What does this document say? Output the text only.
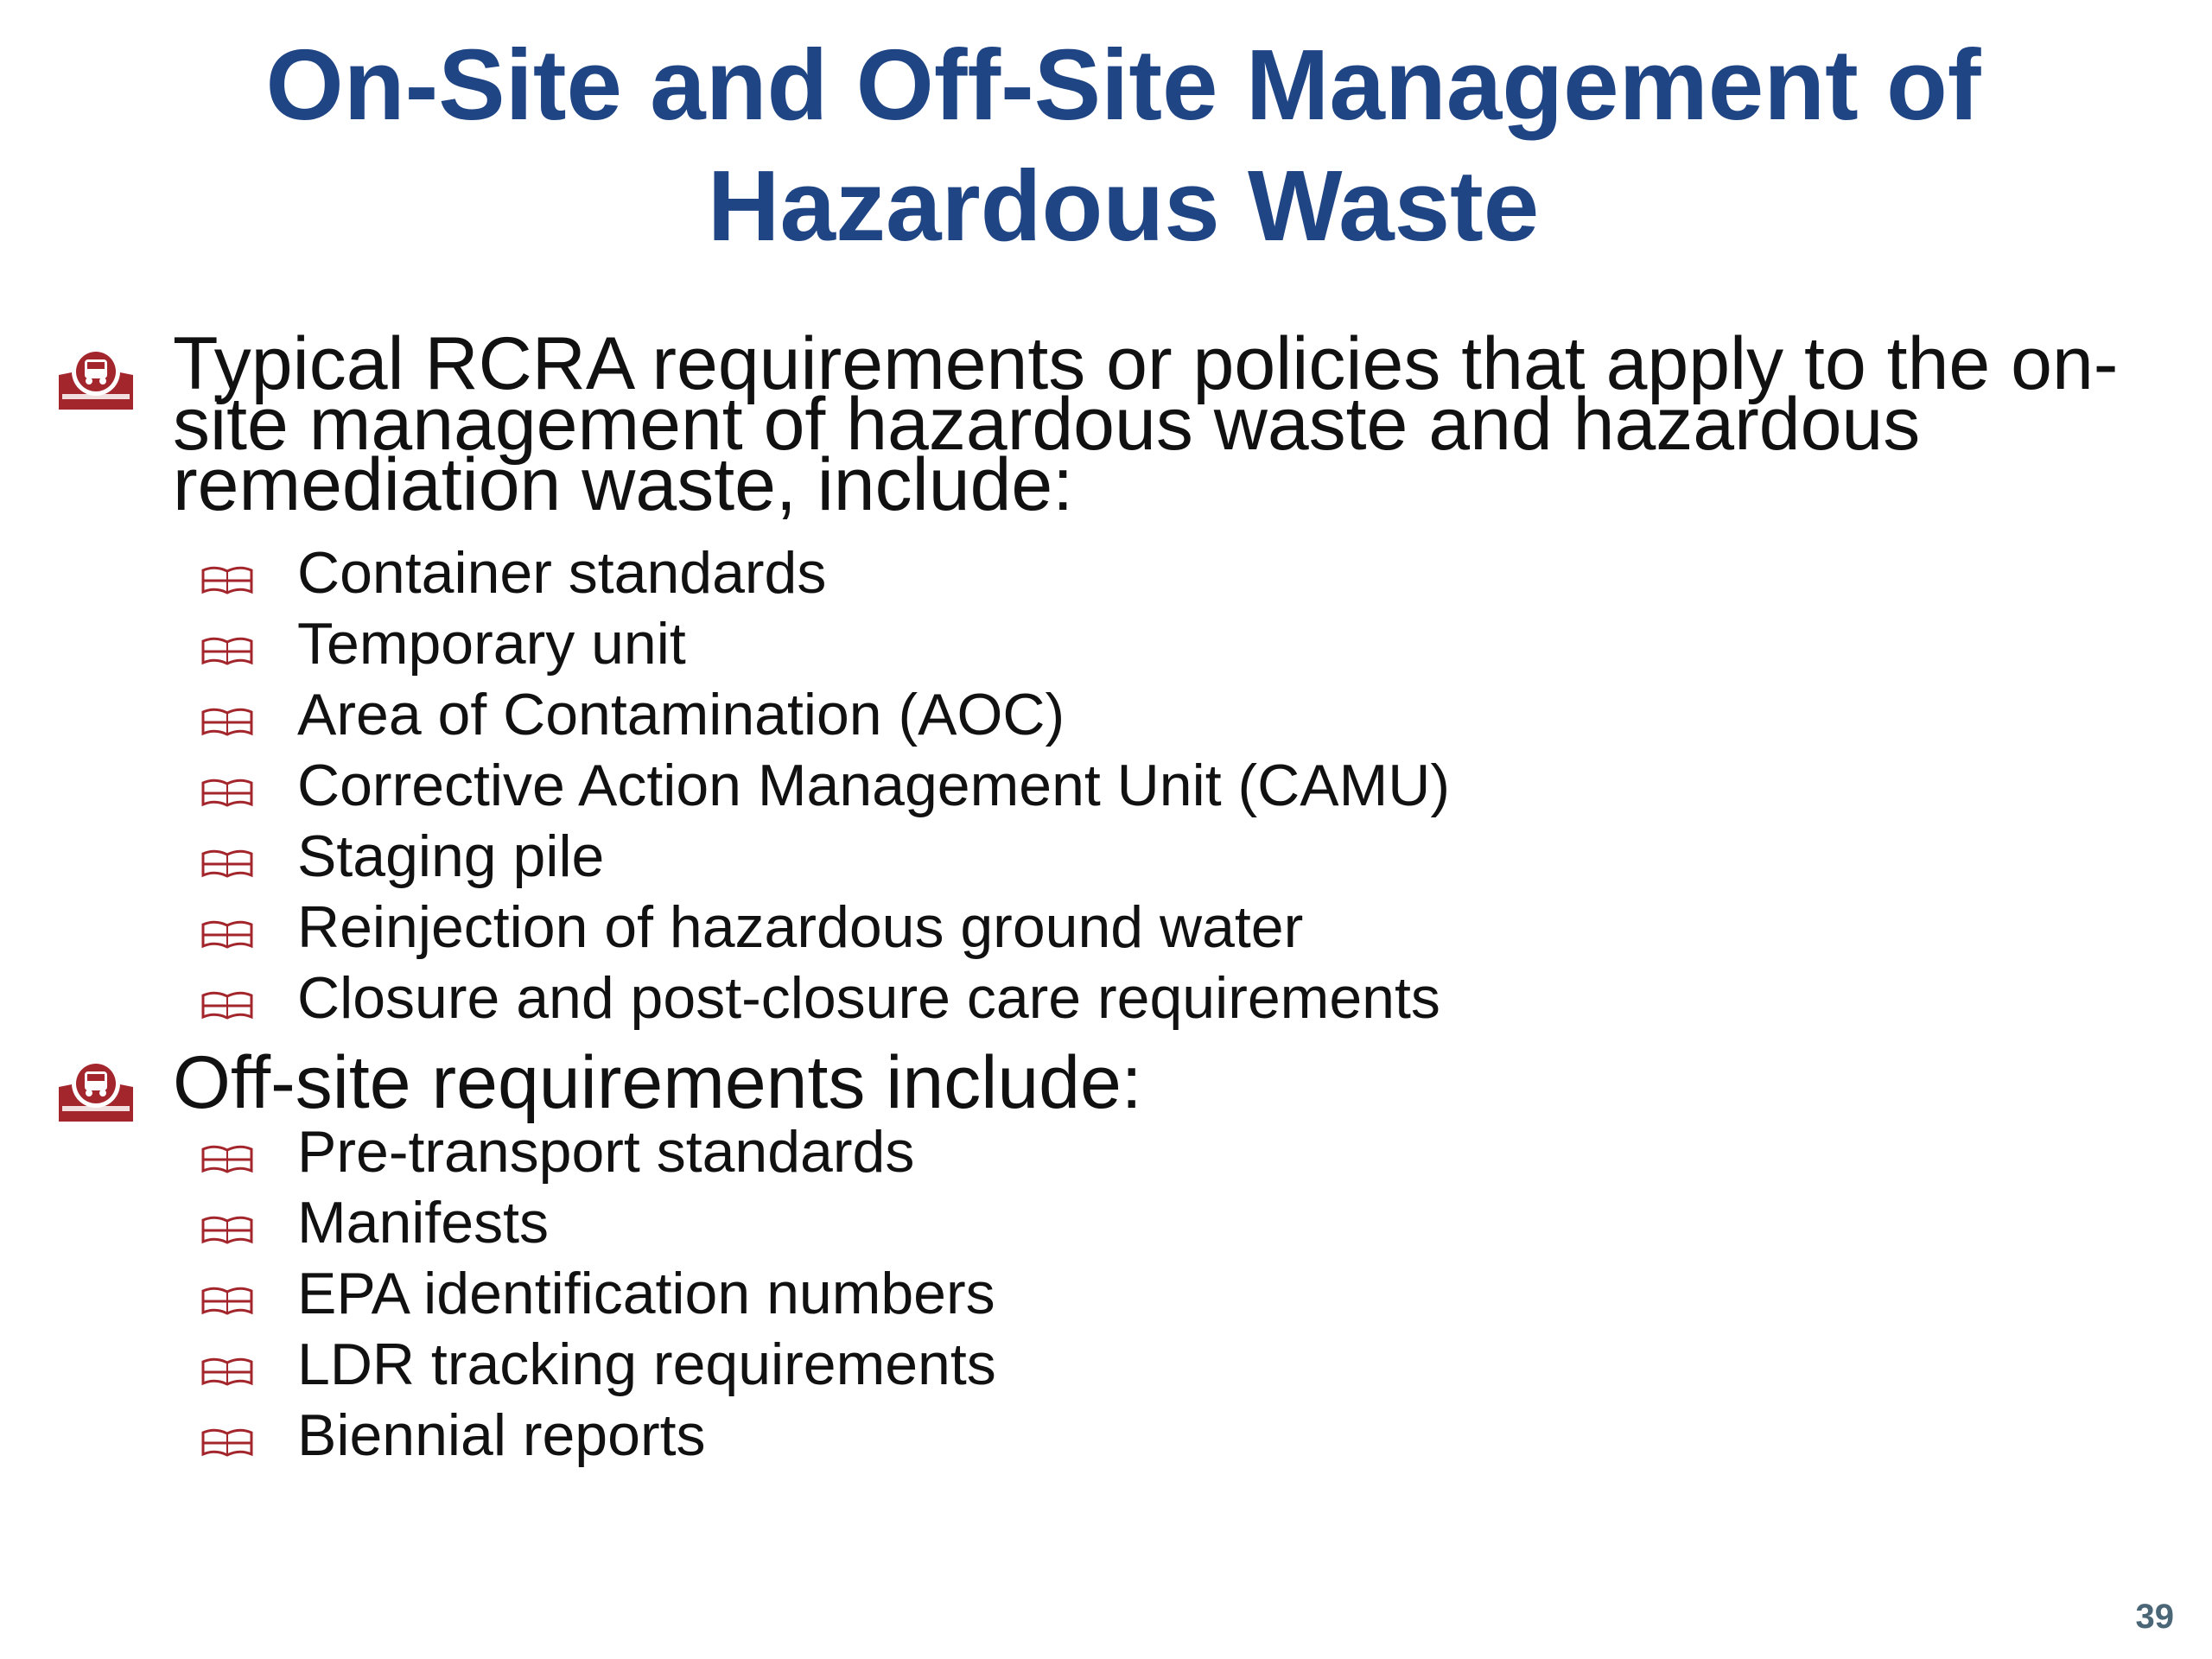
On-Site and Off-Site Management of
Hazardous Waste
Typical RCRA requirements or policies that apply to the on-
site management of hazardous waste and hazardous
remediation waste, include:
Container standards
Temporary unit
Area of Contamination (AOC)
Corrective Action Management Unit (CAMU)
Staging pile
Reinjection of hazardous ground water
Closure and post-closure care requirements
Off-site requirements include:
Pre-transport standards
Manifests
EPA identification numbers
LDR tracking requirements
Biennial reports
39
